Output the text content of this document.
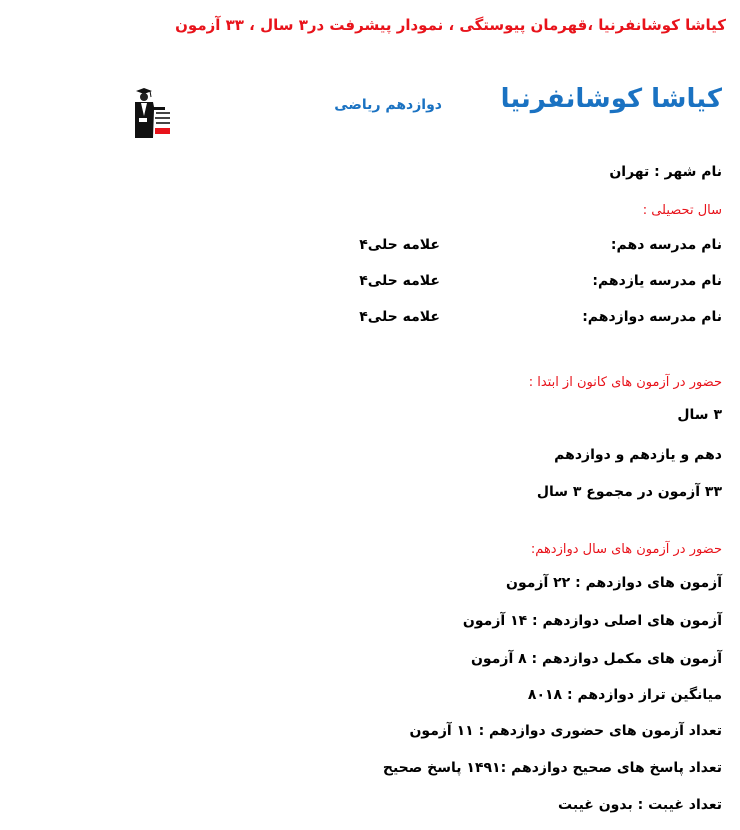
کیاشا کوشانفرنیا ،قهرمان پیوستگی ، نمودار پیشرفت در۳ سال ، ۳۳ آزمون
کیاشا کوشانفرنیا
دوازدهم ریاضی
نام شهر : تهران
سال تحصیلی :
نام مدرسه دهم:
علامه حلی۴
نام مدرسه یازدهم:
علامه حلی۴
نام مدرسه دوازدهم:
علامه حلی۴
حضور در آزمون های کانون از ابتدا :
۳ سال
دهم و یازدهم و دوازدهم
۳۳ آزمون در مجموع ۳ سال
حضور در آزمون های سال دوازدهم:
آزمون های دوازدهم : ۲۲ آزمون
آزمون های اصلی دوازدهم : ۱۴ آزمون
آزمون های مکمل دوازدهم : ۸ آزمون
میانگین تراز دوازدهم : ۸۰۱۸
تعداد آزمون های حضوری دوازدهم : ۱۱ آزمون
تعداد پاسخ های صحیح دوازدهم :۱۴۹۱ پاسخ صحیح
تعداد غیبت : بدون غیبت
